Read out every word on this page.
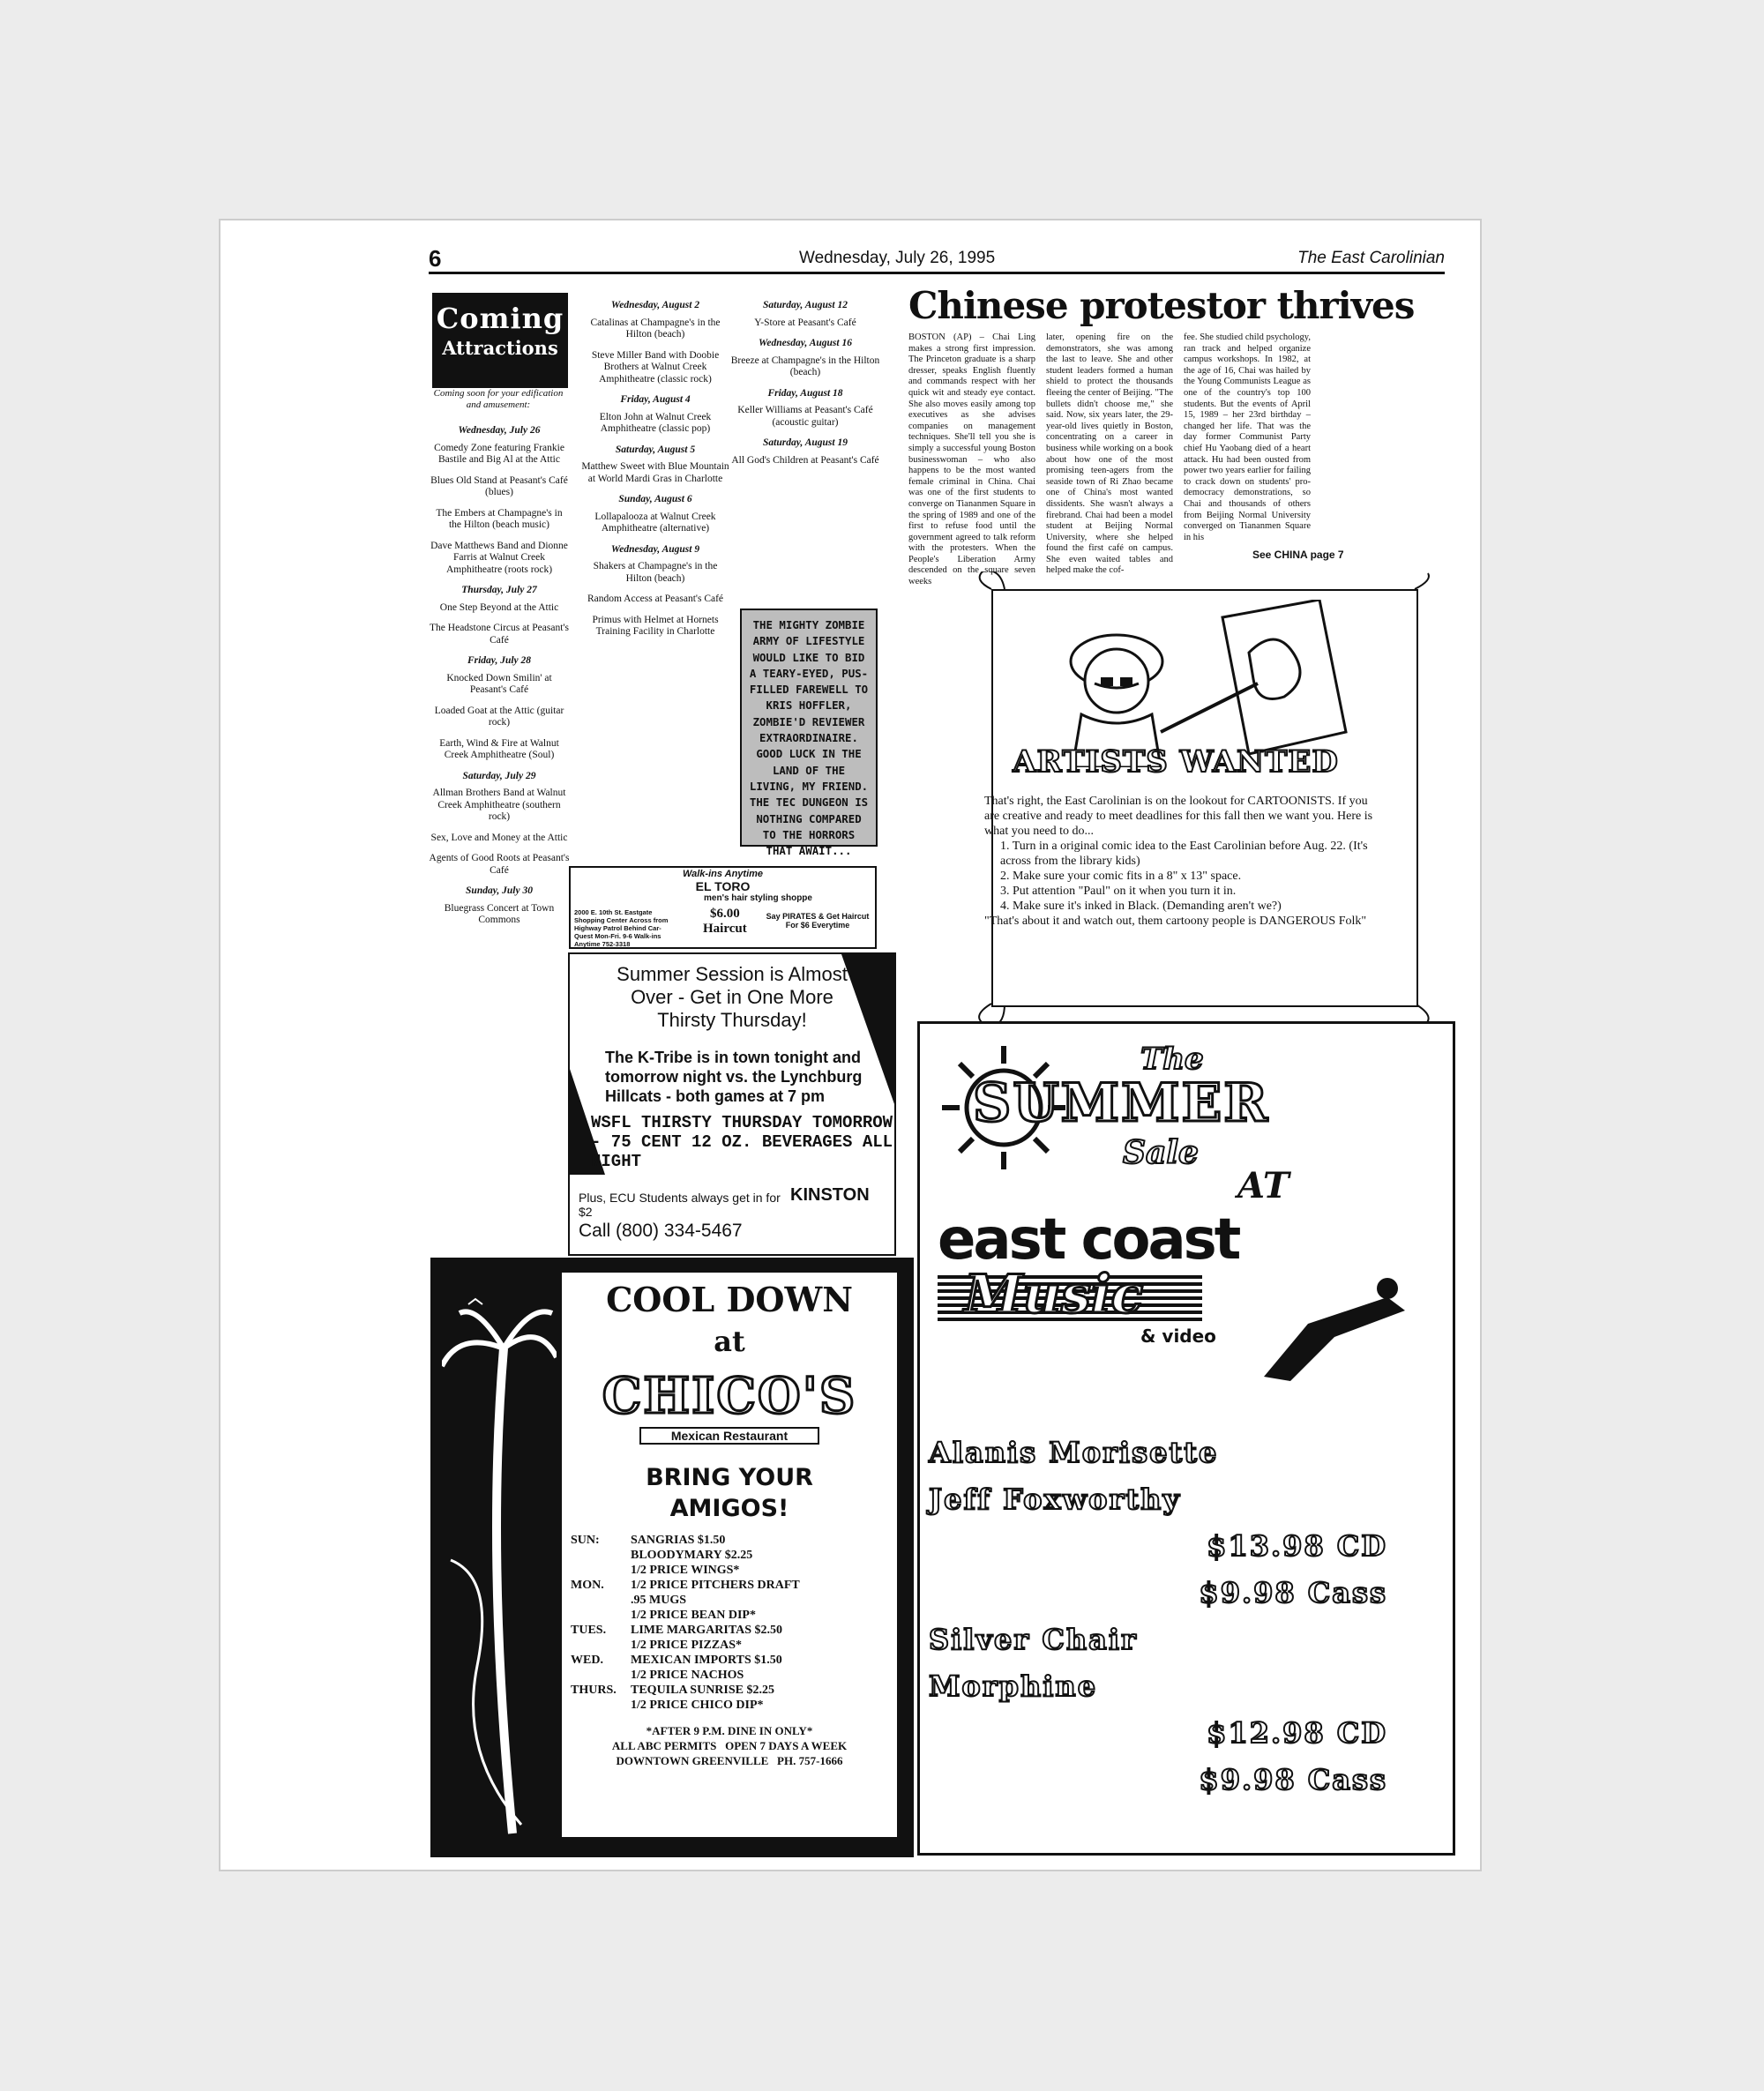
6	Wednesday, July 26, 1995	The East Carolinian
Coming
Attractions
Coming soon for your edification and amusement:
Wednesday, July 26
Comedy Zone featuring Frankie Bastile and Big Al at the Attic
Blues Old Stand at Peasant's Café (blues)
The Embers at Champagne's in the Hilton (beach music)
Dave Matthews Band and Dionne Farris at Walnut Creek Amphitheatre (roots rock)
Thursday, July 27
One Step Beyond at the Attic
The Headstone Circus at Peasant's Café
Friday, July 28
Knocked Down Smilin' at Peasant's Café
Loaded Goat at the Attic (guitar rock)
Earth, Wind & Fire at Walnut Creek Amphitheatre (Soul)
Saturday, July 29
Allman Brothers Band at Walnut Creek Amphitheatre (southern rock)
Sex, Love and Money at the Attic
Agents of Good Roots at Peasant's Café
Sunday, July 30
Bluegrass Concert at Town Commons
Wednesday, August 2
Catalinas at Champagne's in the Hilton (beach)
Steve Miller Band with Doobie Brothers at Walnut Creek Amphitheatre (classic rock)
Friday, August 4
Elton John at Walnut Creek Amphitheatre (classic pop)
Saturday, August 5
Matthew Sweet with Blue Mountain at World Mardi Gras in Charlotte
Sunday, August 6
Lollapalooza at Walnut Creek Amphitheatre (alternative)
Wednesday, August 9
Shakers at Champagne's in the Hilton (beach)
Random Access at Peasant's Café
Primus with Helmet at Hornets Training Facility in Charlotte
Saturday, August 12
Y-Store at Peasant's Café
Wednesday, August 16
Breeze at Champagne's in the Hilton (beach)
Friday, August 18
Keller Williams at Peasant's Café (acoustic guitar)
Saturday, August 19
All God's Children at Peasant's Café
THE MIGHTY ZOMBIE ARMY OF LIFESTYLE WOULD LIKE TO BID A TEARY-EYED, PUS-FILLED FAREWELL TO KRIS HOFFLER, ZOMBIE'D REVIEWER EXTRAORDINAIRE. GOOD LUCK IN THE LAND OF THE LIVING, MY FRIEND. THE TEC DUNGEON IS NOTHING COMPARED TO THE HORRORS THAT AWAIT...
Walk-ins Anytime
EL TORO
men's hair styling shoppe
2000 E. 10th St. Eastgate Shopping Center Across from Highway Patrol Behind Car-Quest Mon-Fri. 9-6 Walk-ins Anytime 752-3318
$6.00
Haircut
Say PIRATES & Get Haircut For $6 Everytime
Summer Session is Almost Over - Get in One More Thirsty Thursday!
The K-Tribe is in town tonight and tomorrow night vs. the Lynchburg Hillcats - both games at 7 pm
WSFL THIRSTY THURSDAY TOMORROW - 75 CENT 12 OZ. BEVERAGES ALL NIGHT
Plus, ECU Students always get in for $2
KINSTON
Call (800) 334-5467
Chinese protestor thrives
BOSTON (AP) – Chai Ling makes a strong first impression. The Princeton graduate is a sharp dresser, speaks English fluently and commands respect with her quick wit and steady eye contact. She also moves easily among top executives as she advises companies on management techniques. She'll tell you she is simply a successful young Boston businesswoman – who also happens to be the most wanted female criminal in China. Chai was one of the first students to converge on Tiananmen Square in the spring of 1989 and one of the first to refuse food until the government agreed to talk reform with the protesters. When the People's Liberation Army descended on the square seven weeks
later, opening fire on the demonstrators, she was among the last to leave. She and other student leaders formed a human shield to protect the thousands fleeing the center of Beijing. "The bullets didn't choose me," she said. Now, six years later, the 29-year-old lives quietly in Boston, concentrating on a career in business while working on a book about how one of the most promising teen-agers from the seaside town of Ri Zhao became one of China's most wanted dissidents. She wasn't always a firebrand. Chai had been a model student at Beijing Normal University, where she helped found the first café on campus. She even waited tables and helped make the cof-
fee. She studied child psychology, ran track and helped organize campus workshops. In 1982, at the age of 16, Chai was hailed by the Young Communists League as one of the country's top 100 students. But the events of April 15, 1989 – her 23rd birthday – changed her life. That was the day former Communist Party chief Hu Yaobang died of a heart attack. Hu had been ousted from power two years earlier for failing to crack down on students' pro-democracy demonstrations, so Chai and thousands of others from Beijing Normal University converged on Tiananmen Square in his
See CHINA page 7
ARTISTS WANTED
That's right, the East Carolinian is on the lookout for CARTOONISTS. If you are creative and ready to meet deadlines for this fall then we want you. Here is what you need to do...
1. Turn in a original comic idea to the East Carolinian before Aug. 22. (It's across from the library kids)
2. Make sure your comic fits in a 8" x 13" space.
3. Put attention "Paul" on it when you turn it in.
4. Make sure it's inked in Black. (Demanding aren't we?)
"That's about it and watch out, them cartoony people is DANGEROUS Folk"
COOL DOWN
at
CHICO'S
Mexican Restaurant
BRING YOUR
AMIGOS!
SUN:	SANGRIAS $1.50
BLOODYMARY $2.25
1/2 PRICE WINGS*
MON.	1/2 PRICE PITCHERS DRAFT
.95 MUGS
1/2 PRICE BEAN DIP*
TUES.	LIME MARGARITAS $2.50
1/2 PRICE PIZZAS*
WED.	MEXICAN IMPORTS $1.50
1/2 PRICE NACHOS
THURS.	TEQUILA SUNRISE $2.25
1/2 PRICE CHICO DIP*
*AFTER 9 P.M. DINE IN ONLY*
ALL ABC PERMITS   OPEN 7 DAYS A WEEK
DOWNTOWN GREENVILLE   PH. 757-1666
The
SUMMER
Sale
AT
east coast
Music
& video
Alanis Morisette
Jeff Foxworthy
$13.98 CD
$9.98 Cass
Silver Chair
Morphine
$12.98 CD
$9.98 Cass
